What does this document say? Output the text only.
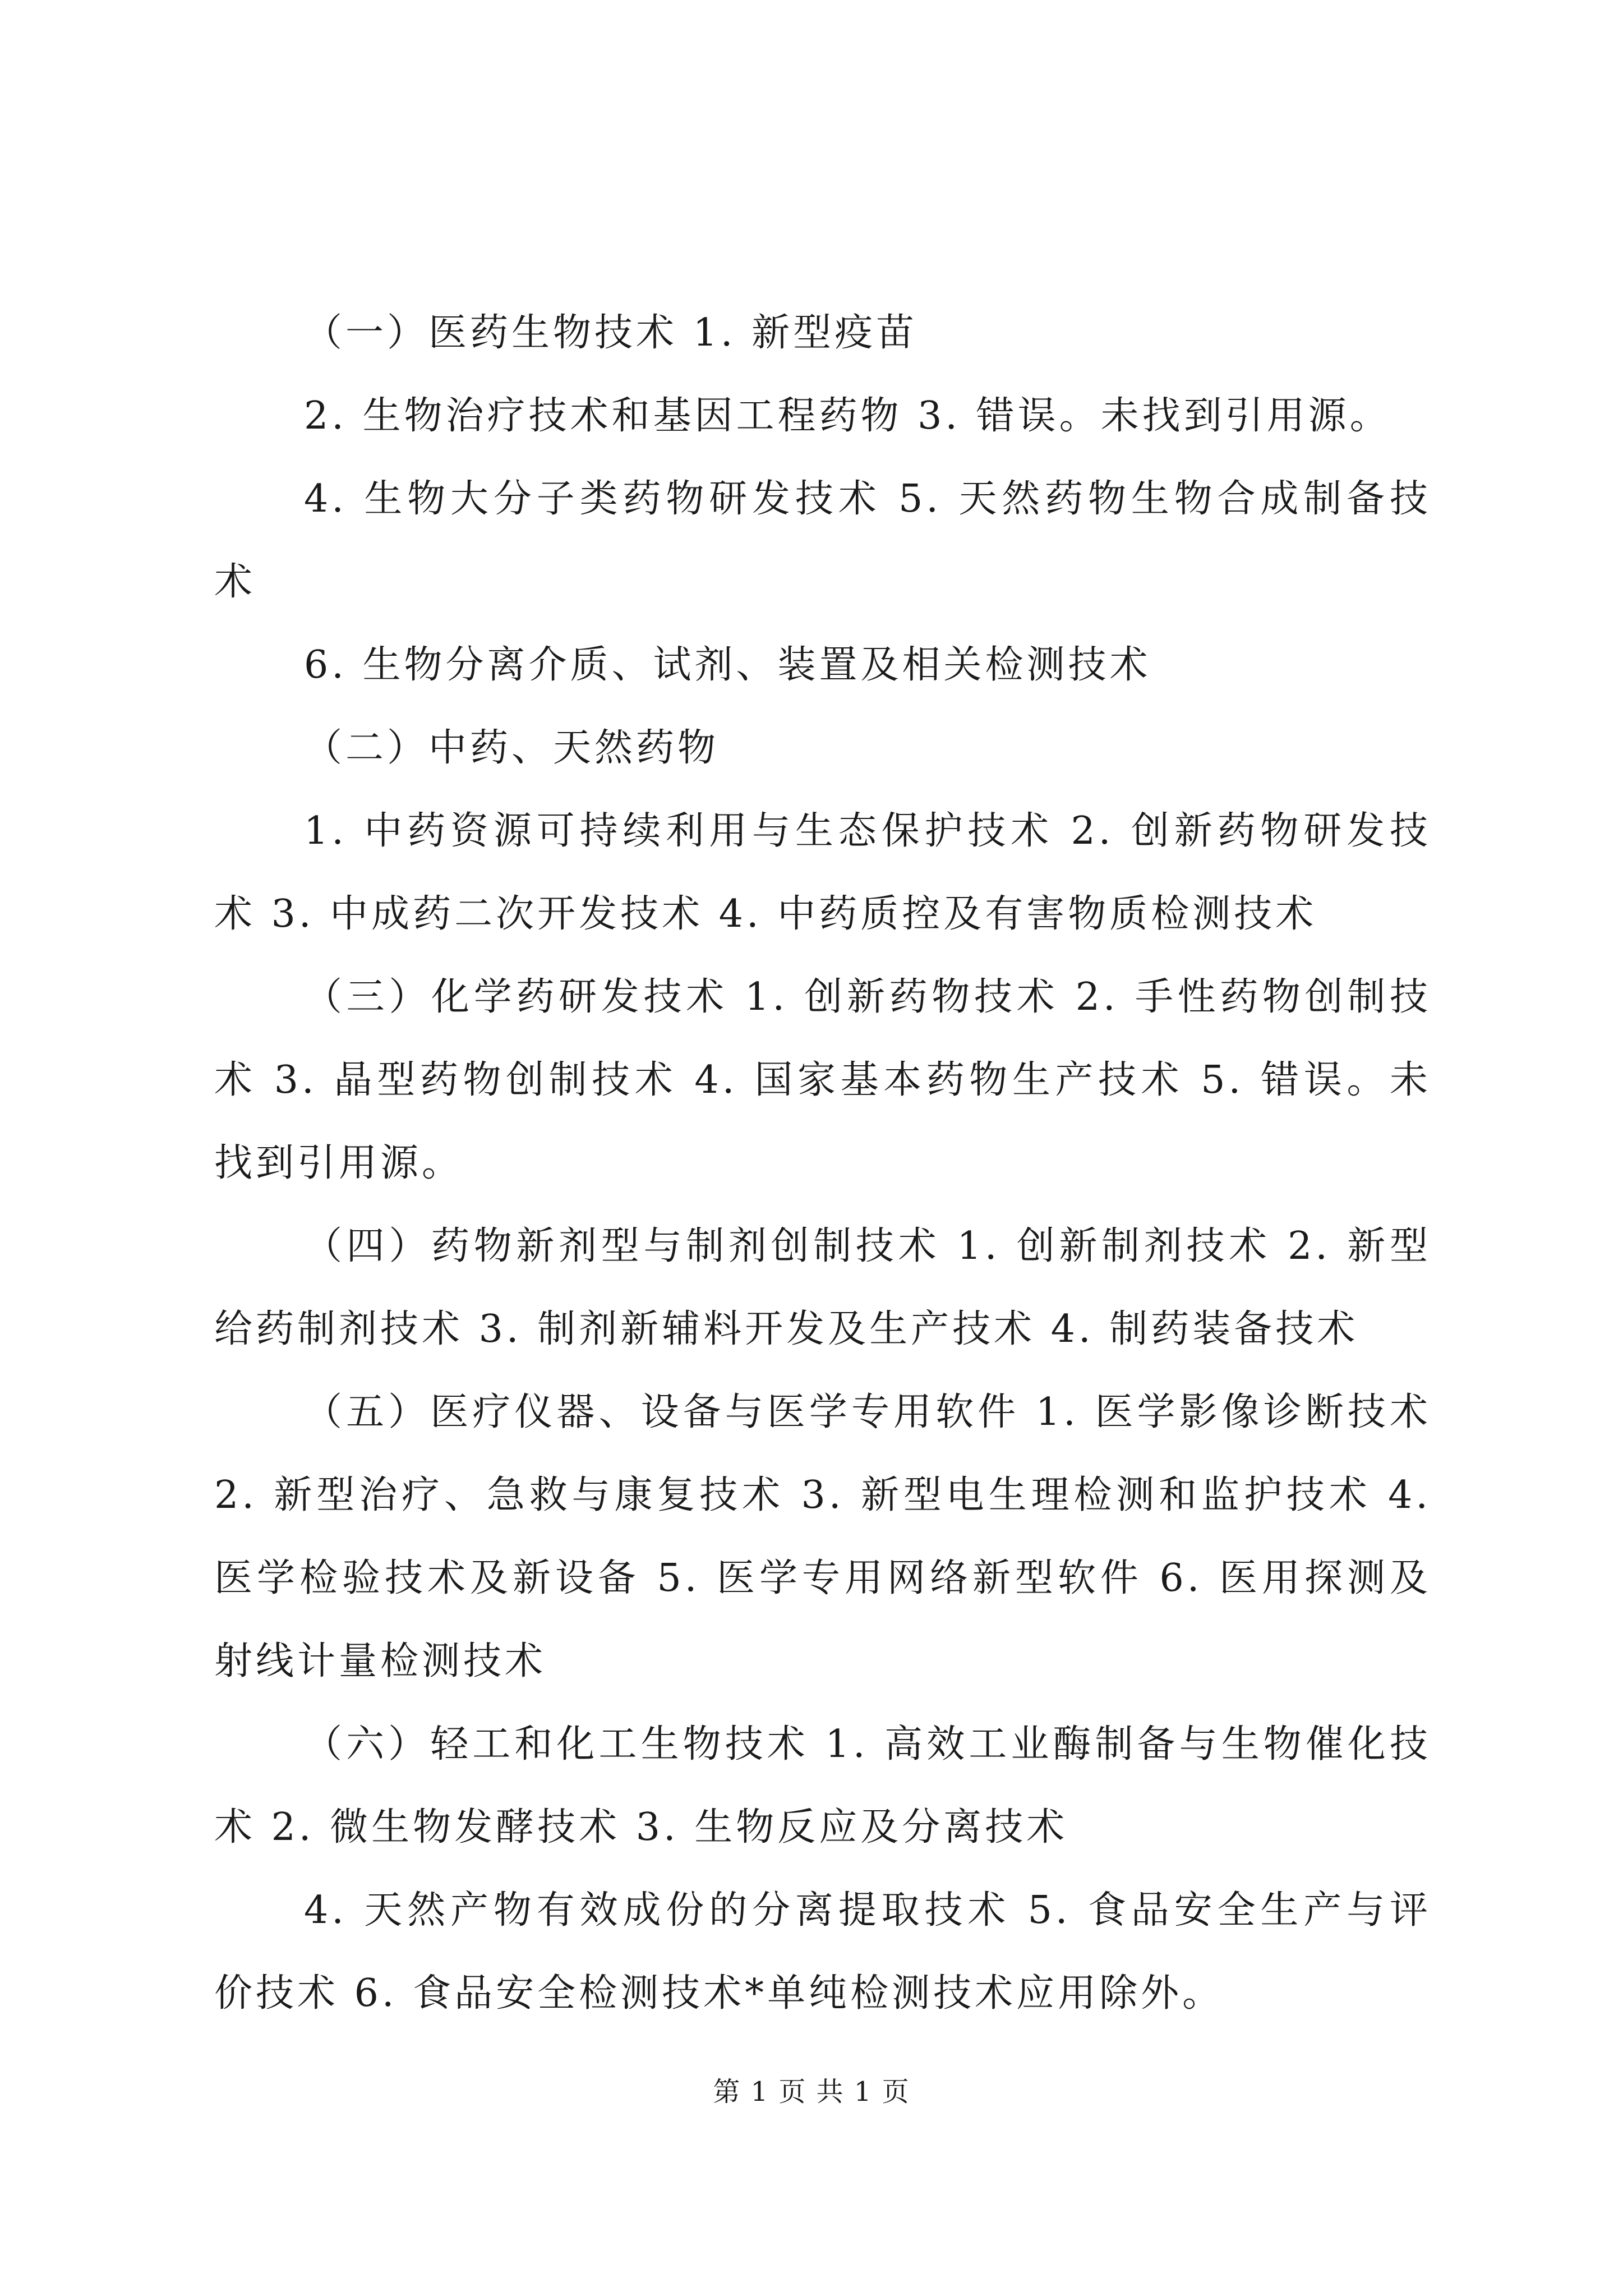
（一）医药生物技术 1. 新型疫苗

2. 生物治疗技术和基因工程药物 3. 错误。未找到引用源。

4. 生物大分子类药物研发技术 5. 天然药物生物合成制备技术

6. 生物分离介质、试剂、装置及相关检测技术

（二）中药、天然药物

1. 中药资源可持续利用与生态保护技术 2. 创新药物研发技术 3. 中成药二次开发技术 4. 中药质控及有害物质检测技术

（三）化学药研发技术 1. 创新药物技术 2. 手性药物创制技术 3. 晶型药物创制技术 4. 国家基本药物生产技术 5. 错误。未找到引用源。

（四）药物新剂型与制剂创制技术 1. 创新制剂技术 2. 新型给药制剂技术 3. 制剂新辅料开发及生产技术 4. 制药装备技术

（五）医疗仪器、设备与医学专用软件 1. 医学影像诊断技术 2. 新型治疗、急救与康复技术 3. 新型电生理检测和监护技术 4. 医学检验技术及新设备 5. 医学专用网络新型软件 6. 医用探测及射线计量检测技术

（六）轻工和化工生物技术 1. 高效工业酶制备与生物催化技术 2. 微生物发酵技术 3. 生物反应及分离技术

4. 天然产物有效成份的分离提取技术 5. 食品安全生产与评价技术 6. 食品安全检测技术*单纯检测技术应用除外。

第 1 页 共 1 页
